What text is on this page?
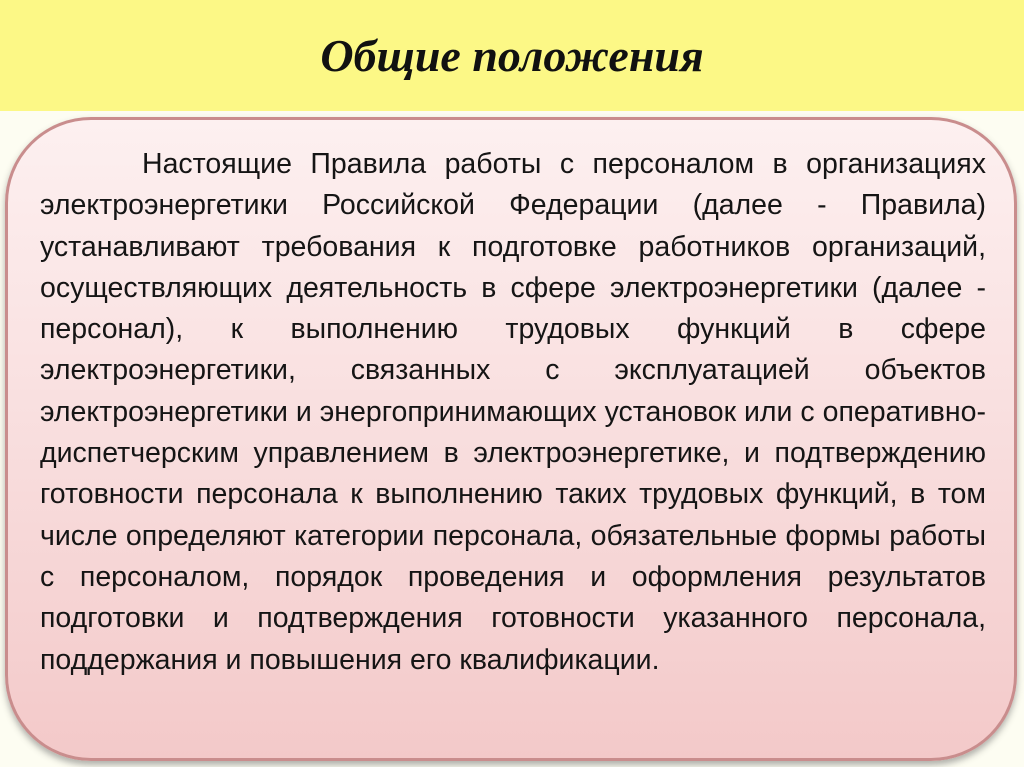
Общие положения

Настоящие Правила работы с персоналом в организациях электроэнергетики Российской Федерации (далее - Правила) устанавливают требования к подготовке работников организаций, осуществляющих деятельность в сфере электроэнергетики (далее - персонал), к выполнению трудовых функций в сфере электроэнергетики, связанных с эксплуатацией объектов электроэнергетики и энергопринимающих установок или с оперативно-диспетчерским управлением в электроэнергетике, и подтверждению готовности персонала к выполнению таких трудовых функций, в том числе определяют категории персонала, обязательные формы работы с персоналом, порядок проведения и оформления результатов подготовки и подтверждения готовности указанного персонала, поддержания и повышения его квалификации.
